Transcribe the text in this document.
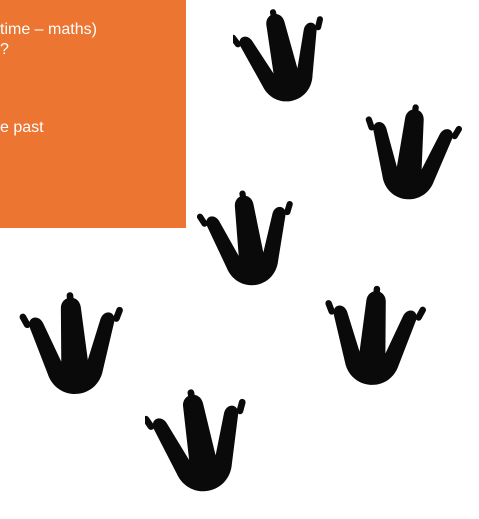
time – maths)
?
e past
